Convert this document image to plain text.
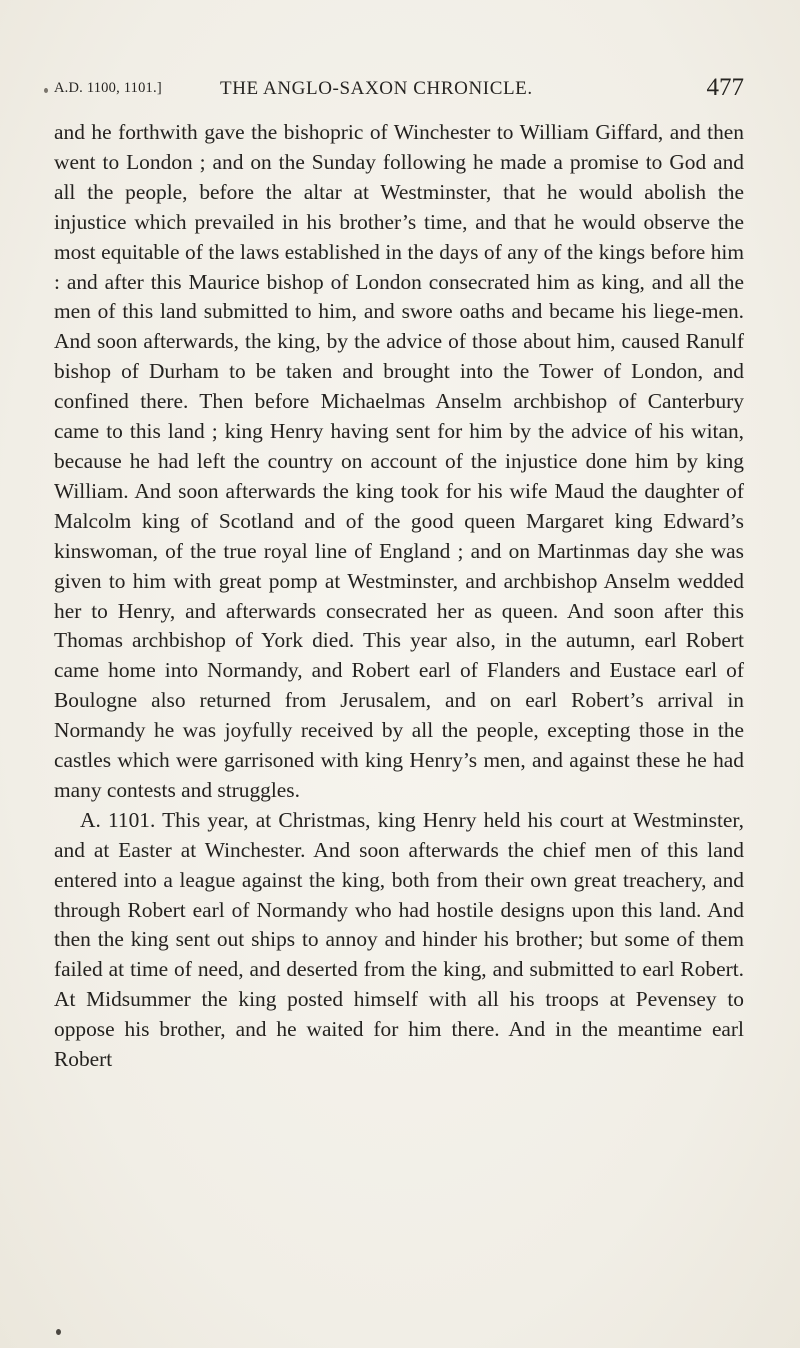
A.D. 1100, 1101.]	THE ANGLO-SAXON CHRONICLE.	477

and he forthwith gave the bishopric of Winchester to William Giffard, and then went to London ; and on the Sunday following he made a promise to God and all the people, before the altar at Westminster, that he would abolish the injustice which prevailed in his brother’s time, and that he would observe the most equitable of the laws established in the days of any of the kings before him : and after this Maurice bishop of London consecrated him as king, and all the men of this land submitted to him, and swore oaths and became his liege-men. And soon afterwards, the king, by the advice of those about him, caused Ranulf bishop of Durham to be taken and brought into the Tower of London, and confined there. Then before Michaelmas Anselm archbishop of Canterbury came to this land ; king Henry having sent for him by the advice of his witan, because he had left the country on account of the injustice done him by king William. And soon afterwards the king took for his wife Maud the daughter of Malcolm king of Scotland and of the good queen Margaret king Edward’s kinswoman, of the true royal line of England ; and on Martinmas day she was given to him with great pomp at Westminster, and archbishop Anselm wedded her to Henry, and afterwards consecrated her as queen. And soon after this Thomas archbishop of York died. This year also, in the autumn, earl Robert came home into Normandy, and Robert earl of Flanders and Eustace earl of Boulogne also returned from Jerusalem, and on earl Robert’s arrival in Normandy he was joyfully received by all the people, excepting those in the castles which were garrisoned with king Henry’s men, and against these he had many contests and struggles.

A. 1101. This year, at Christmas, king Henry held his court at Westminster, and at Easter at Winchester. And soon afterwards the chief men of this land entered into a league against the king, both from their own great treachery, and through Robert earl of Normandy who had hostile designs upon this land. And then the king sent out ships to annoy and hinder his brother; but some of them failed at time of need, and deserted from the king, and submitted to earl Robert. At Midsummer the king posted himself with all his troops at Pevensey to oppose his brother, and he waited for him there. And in the meantime earl Robert
